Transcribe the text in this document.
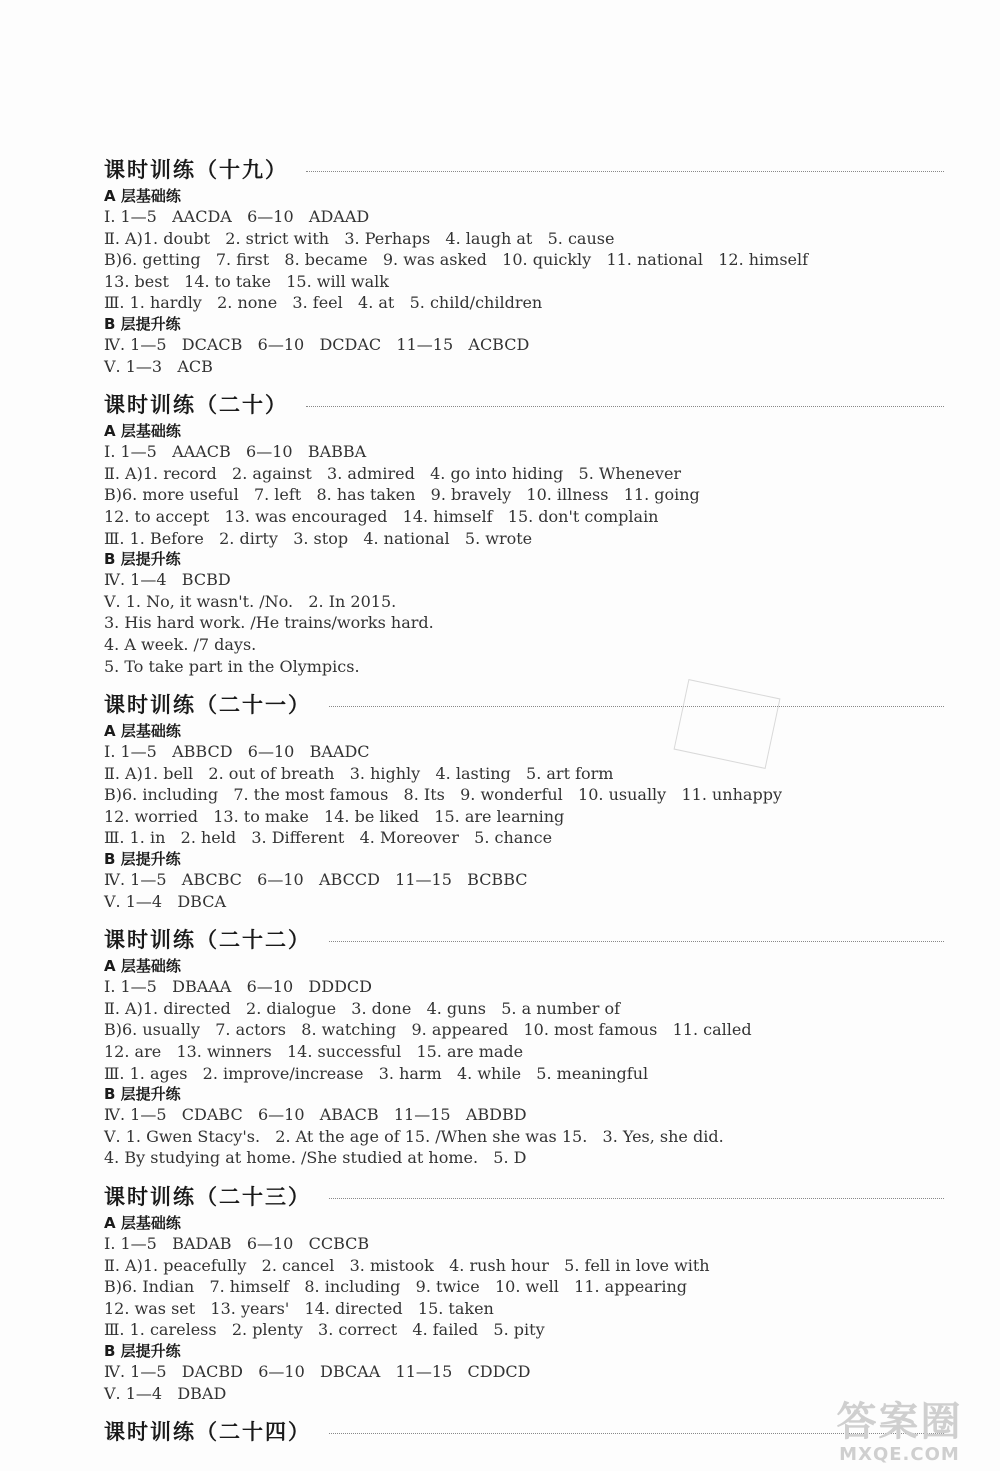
课时训练（十九）
A 层基础练
Ⅰ. 1—5   AACDA   6—10   ADAAD
Ⅱ. A)1. doubt   2. strict with   3. Perhaps   4. laugh at   5. cause
B)6. getting   7. first   8. became   9. was asked   10. quickly   11. national   12. himself
13. best   14. to take   15. will walk
Ⅲ. 1. hardly   2. none   3. feel   4. at   5. child/children
B 层提升练
Ⅳ. 1—5   DCACB   6—10   DCDAC   11—15   ACBCD
Ⅴ. 1—3   ACB
课时训练（二十）
A 层基础练
Ⅰ. 1—5   AAACB   6—10   BABBA
Ⅱ. A)1. record   2. against   3. admired   4. go into hiding   5. Whenever
B)6. more useful   7. left   8. has taken   9. bravely   10. illness   11. going
12. to accept   13. was encouraged   14. himself   15. don't complain
Ⅲ. 1. Before   2. dirty   3. stop   4. national   5. wrote
B 层提升练
Ⅳ. 1—4   BCBD
Ⅴ. 1. No, it wasn't. /No.   2. In 2015.
3. His hard work. /He trains/works hard.
4. A week. /7 days.
5. To take part in the Olympics.
课时训练（二十一）
A 层基础练
Ⅰ. 1—5   ABBCD   6—10   BAADC
Ⅱ. A)1. bell   2. out of breath   3. highly   4. lasting   5. art form
B)6. including   7. the most famous   8. Its   9. wonderful   10. usually   11. unhappy
12. worried   13. to make   14. be liked   15. are learning
Ⅲ. 1. in   2. held   3. Different   4. Moreover   5. chance
B 层提升练
Ⅳ. 1—5   ABCBC   6—10   ABCCD   11—15   BCBBC
Ⅴ. 1—4   DBCA
课时训练（二十二）
A 层基础练
Ⅰ. 1—5   DBAAA   6—10   DDDCD
Ⅱ. A)1. directed   2. dialogue   3. done   4. guns   5. a number of
B)6. usually   7. actors   8. watching   9. appeared   10. most famous   11. called
12. are   13. winners   14. successful   15. are made
Ⅲ. 1. ages   2. improve/increase   3. harm   4. while   5. meaningful
B 层提升练
Ⅳ. 1—5   CDABC   6—10   ABACB   11—15   ABDBD
Ⅴ. 1. Gwen Stacy's.   2. At the age of 15. /When she was 15.   3. Yes, she did.
4. By studying at home. /She studied at home.   5. D
课时训练（二十三）
A 层基础练
Ⅰ. 1—5   BADAB   6—10   CCBCB
Ⅱ. A)1. peacefully   2. cancel   3. mistook   4. rush hour   5. fell in love with
B)6. Indian   7. himself   8. including   9. twice   10. well   11. appearing
12. was set   13. years'   14. directed   15. taken
Ⅲ. 1. careless   2. plenty   3. correct   4. failed   5. pity
B 层提升练
Ⅳ. 1—5   DACBD   6—10   DBCAA   11—15   CDDCD
Ⅴ. 1—4   DBAD
课时训练（二十四）	答案圈
MXQE.COM
